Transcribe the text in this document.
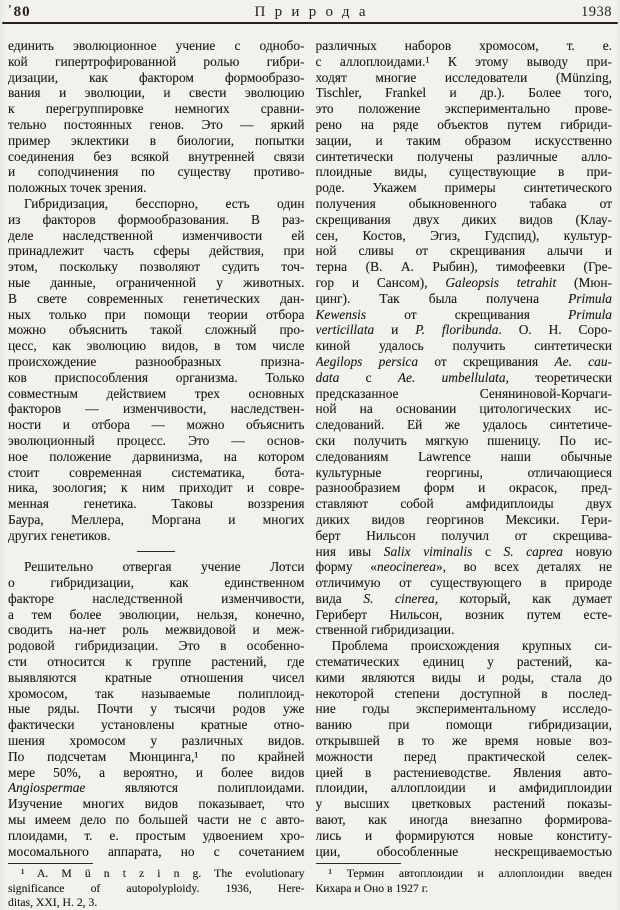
’80	Природа	1938
единить эволюционное учение с однобо-
кой гипертрофированной ролью гибри-
дизации, как фактором формообразо-
вания и эволюции, и свести эволюцию
к перегруппировке немногих сравни-
тельно постоянных генов. Это — яркий
пример эклектики в биологии, попытки
соединения без всякой внутренней связи
и соподчинения по существу противо-
положных точек зрения.
Гибридизация, бесспорно, есть один
из факторов формообразования. В раз-
деле наследственной изменчивости ей
принадлежит часть сферы действия, при
этом, поскольку позволяют судить точ-
ные данные, ограниченной у животных.
В свете современных генетических дан-
ных только при помощи теории отбора
можно объяснить такой сложный про-
цесс, как эволюцию видов, в том числе
происхождение разнообразных призна-
ков приспособления организма. Только
совместным действием трех основных
факторов — изменчивости, наследствен-
ности и отбора — можно объяснить
эволюционный процесс. Это — основ-
ное положение дарвинизма, на котором
стоит современная систематика, бота-
ника, зоология; к ним приходит и совре-
менная генетика. Таковы воззрения
Баура, Меллера, Моргана и многих
других генетиков.
Решительно отвергая учение Лотси
о гибридизации, как единственном
факторе наследственной изменчивости,
а тем более эволюции, нельзя, конечно,
сводить на-нет роль межвидовой и меж-
родовой гибридизации. Это в особенно-
сти относится к группе растений, где
выявляются кратные отношения чисел
хромосом, так называемые полиплоид-
ные ряды. Почти у тысячи родов уже
фактически установлены кратные отно-
шения хромосом у различных видов.
По подсчетам Мюнцинга,¹ по крайней
мере 50%, а вероятно, и более видов
Angiospermae являются полиплоидами.
Изучение многих видов показывает, что
мы имеем дело по большей части не с авто-
плоидами, т. е. простым удвоением хро-
мосомального аппарата, но с сочетанием
¹ A. M ü n t z i n g. The evolutionary
significance of autopolyploidy. 1936, Here-
ditas, XXI, H. 2, 3.
различных наборов хромосом, т. е.
с аллоплоидами.¹ К этому выводу при-
ходят многие исследователи (Münzing,
Tischler, Frankel и др.). Более того,
это положение экспериментально прове-
рено на ряде объектов путем гибриди-
зации, и таким образом искусственно
синтетически получены различные алло-
плоидные виды, существующие в при-
роде. Укажем примеры синтетического
получения обыкновенного табака от
скрещивания двух диких видов (Клау-
сен, Костов, Эгиз, Гудспид), культур-
ной сливы от скрещивания алычи и
терна (В. А. Рыбин), тимофеевки (Гре-
гор и Сансом), Galeopsis tetrahit (Мюн-
цинг). Так была получена Primula
Kewensis от скрещивания Primula
verticillata и P. floribunda. О. Н. Соро-
киной удалось получить синтетически
Aegilops persica от скрещивания Ae. cau-
data с Ae. umbellulata, теоретически
предсказанное Сеняниновой-Корчаги-
ной на основании цитологических ис-
следований. Ей же удалось синтетиче-
ски получить мягкую пшеницу. По ис-
следованиям Lawrence наши обычные
культурные георгины, отличающиеся
разнообразием форм и окрасок, пред-
ставляют собой амфидиплоиды двух
диких видов георгинов Мексики. Гери-
берт Нильсон получил от скрещива-
ния ивы Salix viminalis с S. caprea новую
форму «neocinerea», во всех деталях не
отличимую от существующего в природе
вида S. cinerea, который, как думает
Гериберт Нильсон, возник путем есте-
ственной гибридизации.
Проблема происхождения крупных си-
стематических единиц у растений, ка-
кими являются виды и роды, стала до
некоторой степени доступной в послед-
ние годы экспериментальному исследо-
ванию при помощи гибридизации,
открывшей в то же время новые воз-
можности перед практической селек-
цией в растениеводстве. Явления авто-
плоидии, аллоплоидии и амфидиплоидии
у высших цветковых растений показы-
вают, как иногда внезапно формирова-
лись и формируются новые конститу-
ции, обособленные нескрещиваемостью
¹ Термин автоплоидии и аллоплоидии введен
Кихара и Оно в 1927 г.
